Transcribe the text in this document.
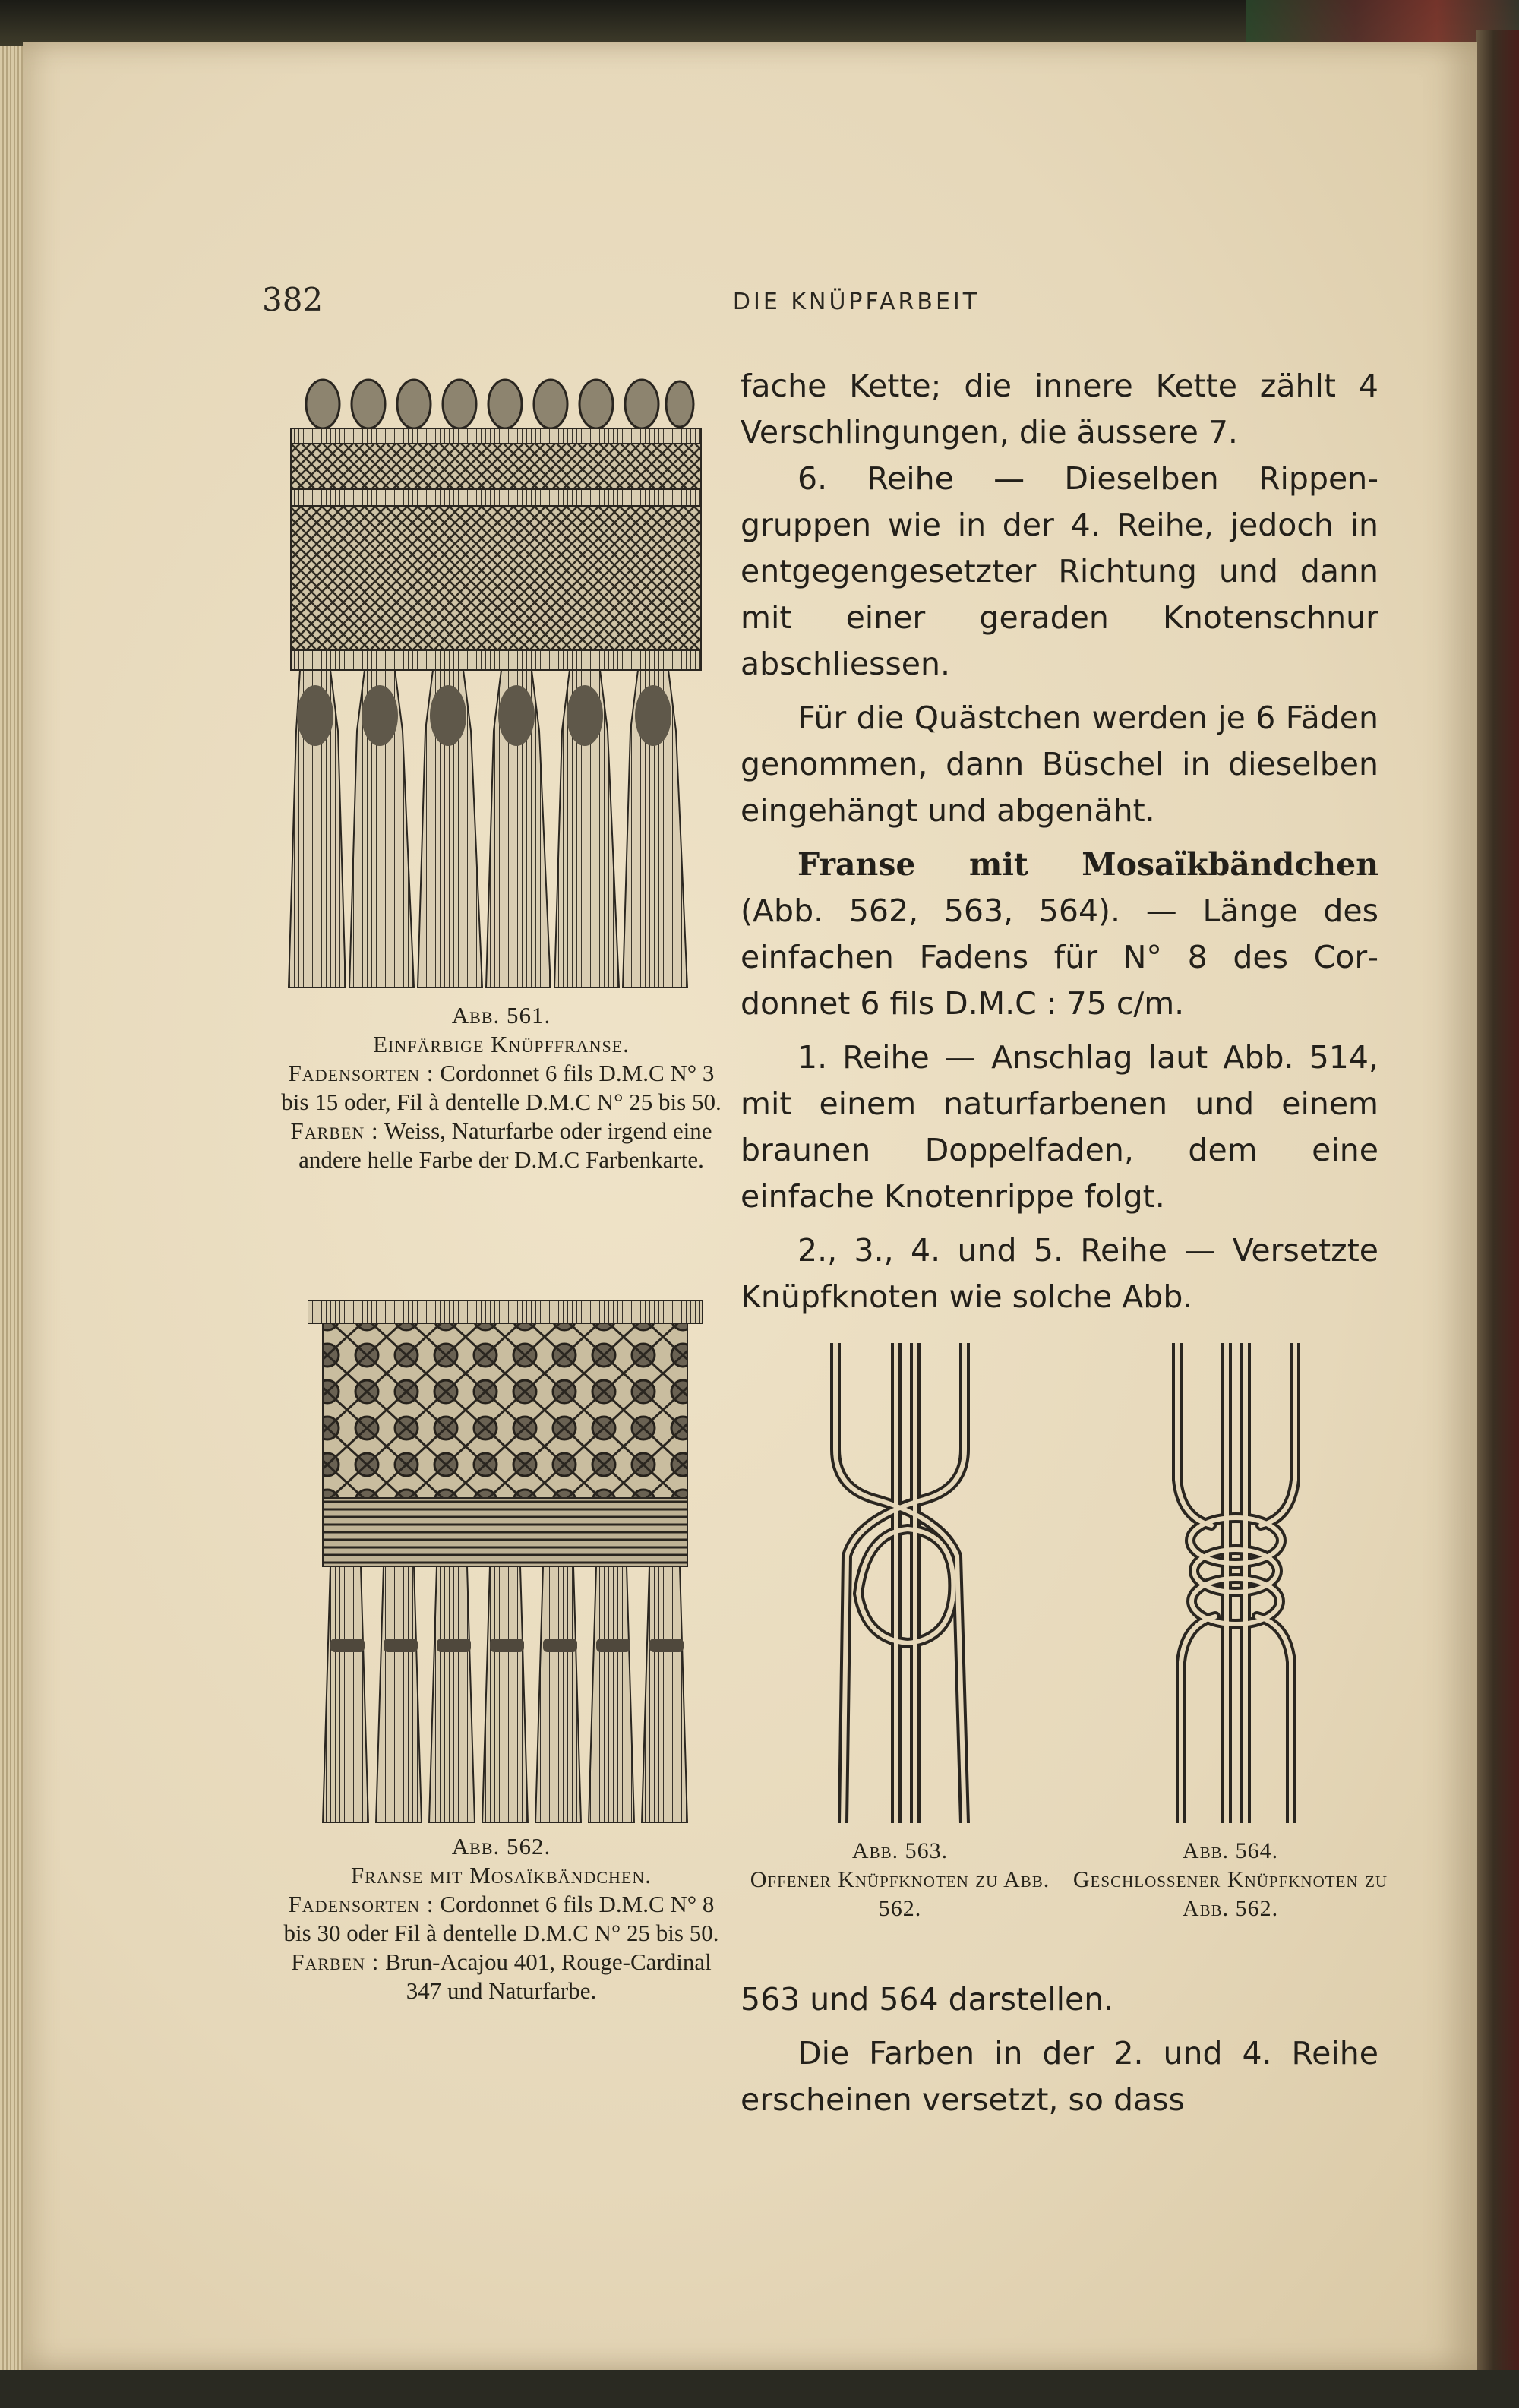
382	DIE KNÜPFARBEIT
Abb. 561.
Einfärbige Knüpffranse.
Fadensorten : Cordonnet 6 fils D.M.C N° 3 bis 15 oder, Fil à dentelle D.M.C N° 25 bis 50.
Farben : Weiss, Naturfarbe oder irgend eine andere helle Farbe der D.M.C Farbenkarte.
Abb. 562.
Franse mit Mosaïkbändchen.
Fadensorten : Cordonnet 6 fils D.M.C N° 8 bis 30 oder Fil à dentelle D.M.C N° 25 bis 50.
Farben : Brun-Acajou 401, Rouge-Cardinal 347 und Naturfarbe.

fache Kette; die innere Kette zählt 4 Verschlingungen, die äussere 7.

6. Reihe — Dieselben Rippengruppen wie in der 4. Reihe, jedoch in entgegengesetzter Richtung und dann mit einer geraden Knotenschnur abschliessen.

Für die Quästchen werden je 6 Fäden genommen, dann Büschel in dieselben eingehängt und abgenäht.

Franse mit Mosaïkbändchen (Abb. 562, 563, 564). — Länge des einfachen Fadens für N° 8 des Cordonnet 6 fils D.M.C : 75 c/m.

1. Reihe — Anschlag laut Abb. 514, mit einem naturfarbenen und einem braunen Doppelfaden, dem eine einfache Knotenrippe folgt.

2., 3., 4. und 5. Reihe — Versetzte Knüpfknoten wie solche Abb.

Abb. 563.
Offener Knüpfknoten zu Abb. 562.
Abb. 564.
Geschlossener Knüpfknoten zu Abb. 562.

563 und 564 darstellen.

Die Farben in der 2. und 4. Reihe erscheinen versetzt, so dass
